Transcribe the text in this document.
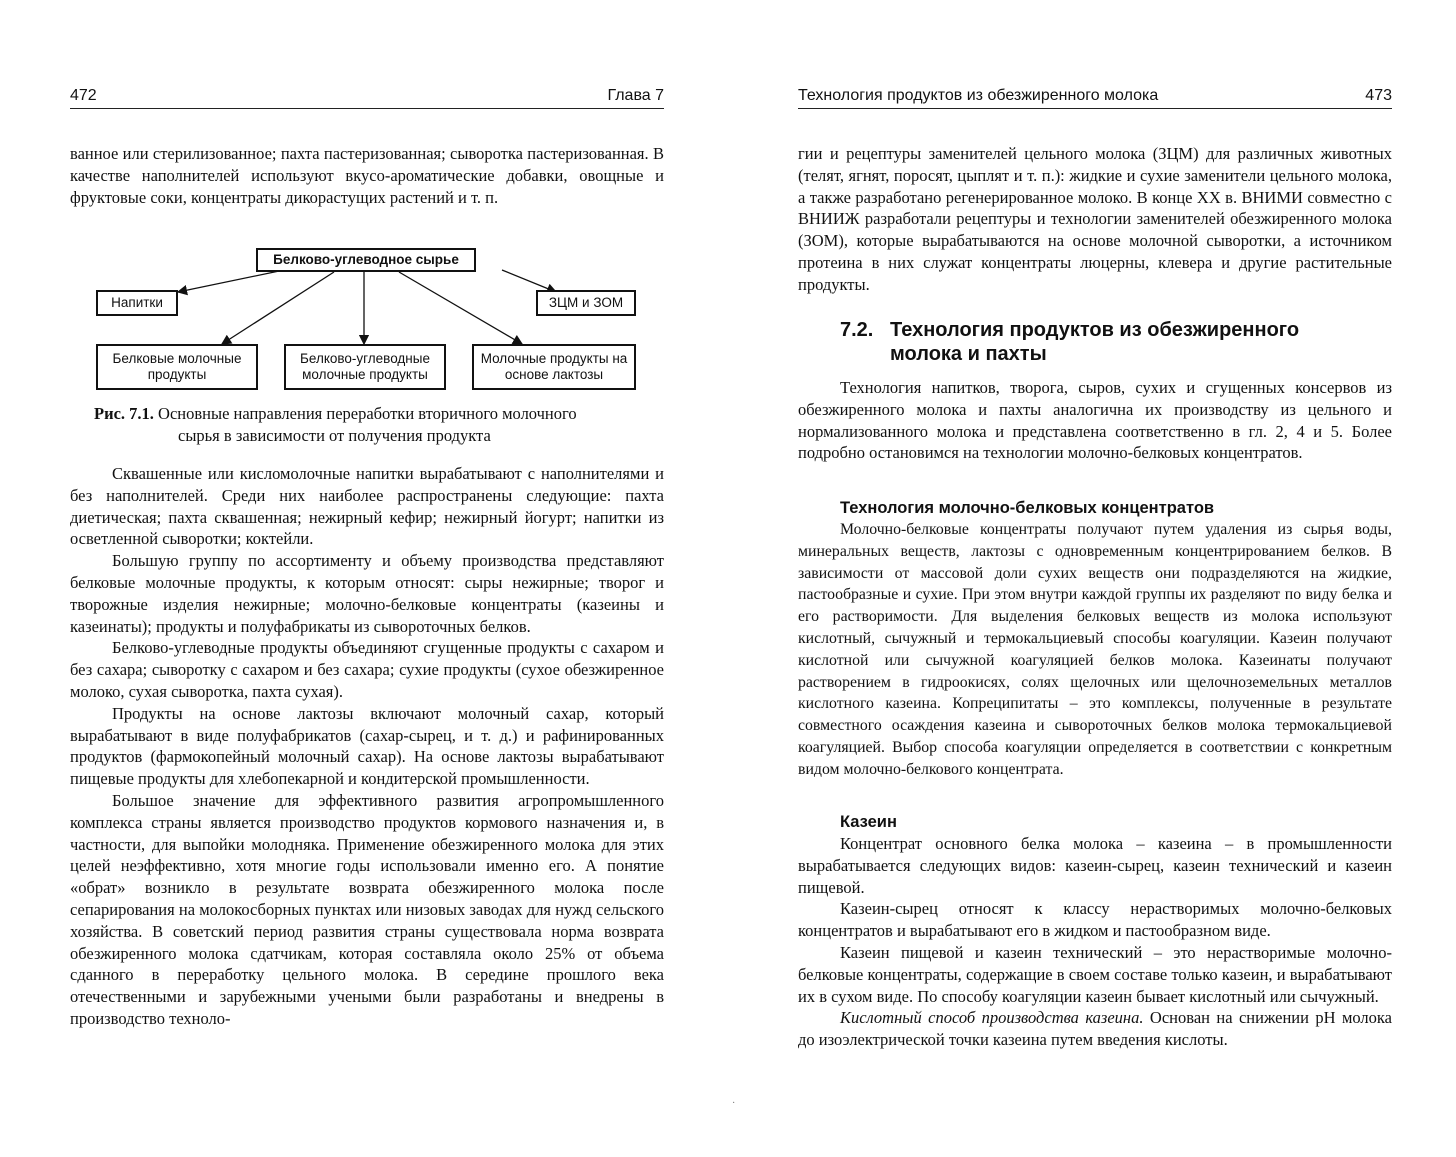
472	Глава 7

ванное или стерилизованное; пахта пастеризованная; сыворотка пастеризованная. В качестве наполнителей используют вкусо-ароматические добавки, овощные и фруктовые соки, концентраты дикорастущих растений и т. п.

Белково-углеводное сырье
Напитки	ЗЦМ и ЗОМ
Белковые молочные продукты
Белково-углеводные молочные продукты
Молочные продукты на основе лактозы
Рис. 7.1. Основные направления переработки вторичного молочного
сырья в зависимости от получения продукта

Сквашенные или кисломолочные напитки вырабатывают с наполнителями и без наполнителей. Среди них наиболее распространены следующие: пахта диетическая; пахта сквашенная; нежирный кефир; нежирный йогурт; напитки из осветленной сыворотки; коктейли.

Большую группу по ассортименту и объему производства представляют белковые молочные продукты, к которым относят: сыры нежирные; творог и творожные изделия нежирные; молочно-белковые концентраты (казеины и казеинаты); продукты и полуфабрикаты из сывороточных белков.

Белково-углеводные продукты объединяют сгущенные продукты с сахаром и без сахара; сыворотку с сахаром и без сахара; сухие продукты (сухое обезжиренное молоко, сухая сыворотка, пахта сухая).

Продукты на основе лактозы включают молочный сахар, который вырабатывают в виде полуфабрикатов (сахар-сырец, и т. д.) и рафинированных продуктов (фармокопейный молочный сахар). На основе лактозы вырабатывают пищевые продукты для хлебопекарной и кондитерской промышленности.

Большое значение для эффективного развития агропромышленного комплекса страны является производство продуктов кормового назначения и, в частности, для выпойки молодняка. Применение обезжиренного молока для этих целей неэффективно, хотя многие годы использовали именно его. А понятие «обрат» возникло в результате возврата обезжиренного молока после сепарирования на молокосборных пунктах или низовых заводах для нужд сельского хозяйства. В советский период развития страны существовала норма возврата обезжиренного молока сдатчикам, которая составляла около 25% от объема сданного в переработку цельного молока. В середине прошлого века отечественными и зарубежными учеными были разработаны и внедрены в производство техноло-

·
Технология продуктов из обезжиренного молока	473

гии и рецептуры заменителей цельного молока (ЗЦМ) для различных животных (телят, ягнят, поросят, цыплят и т. п.): жидкие и сухие заменители цельного молока, а также разработано регенерированное молоко. В конце XX в. ВНИМИ совместно с ВНИИЖ разработали рецептуры и технологии заменителей обезжиренного молока (ЗОМ), которые вырабатываются на основе молочной сыворотки, а источником протеина в них служат концентраты люцерны, клевера и другие растительные продукты.

7.2. Технология продуктов из обезжиренного
молока и пахты

Технология напитков, творога, сыров, сухих и сгущенных консервов из обезжиренного молока и пахты аналогична их производству из цельного и нормализованного молока и представлена соответственно в гл. 2, 4 и 5. Более подробно остановимся на технологии молочно-белковых концентратов.

Технология молочно-белковых концентратов

Молочно-белковые концентраты получают путем удаления из сырья воды, минеральных веществ, лактозы с одновременным концентрированием белков. В зависимости от массовой доли сухих веществ они подразделяются на жидкие, пастообразные и сухие. При этом внутри каждой группы их разделяют по виду белка и его растворимости. Для выделения белковых веществ из молока используют кислотный, сычужный и термокальциевый способы коагуляции. Казеин получают кислотной или сычужной коагуляцией белков молока. Казеинаты получают растворением в гидроокисях, солях щелочных или щелочноземельных металлов кислотного казеина. Копреципитаты – это комплексы, полученные в результате совместного осаждения казеина и сывороточных белков молока термокальциевой коагуляцией. Выбор способа коагуляции определяется в соответствии с конкретным видом молочно-белкового концентрата.

Казеин

Концентрат основного белка молока – казеина – в промышленности вырабатывается следующих видов: казеин-сырец, казеин технический и казеин пищевой.

Казеин-сырец относят к классу нерастворимых молочно-белковых концентратов и вырабатывают его в жидком и пастообразном виде.

Казеин пищевой и казеин технический – это нерастворимые молочно-белковые концентраты, содержащие в своем составе только казеин, и вырабатывают их в сухом виде. По способу коагуляции казеин бывает кислотный или сычужный.

Кислотный способ производства казеина. Основан на снижении pH молока до изоэлектрической точки казеина путем введения кислоты.
